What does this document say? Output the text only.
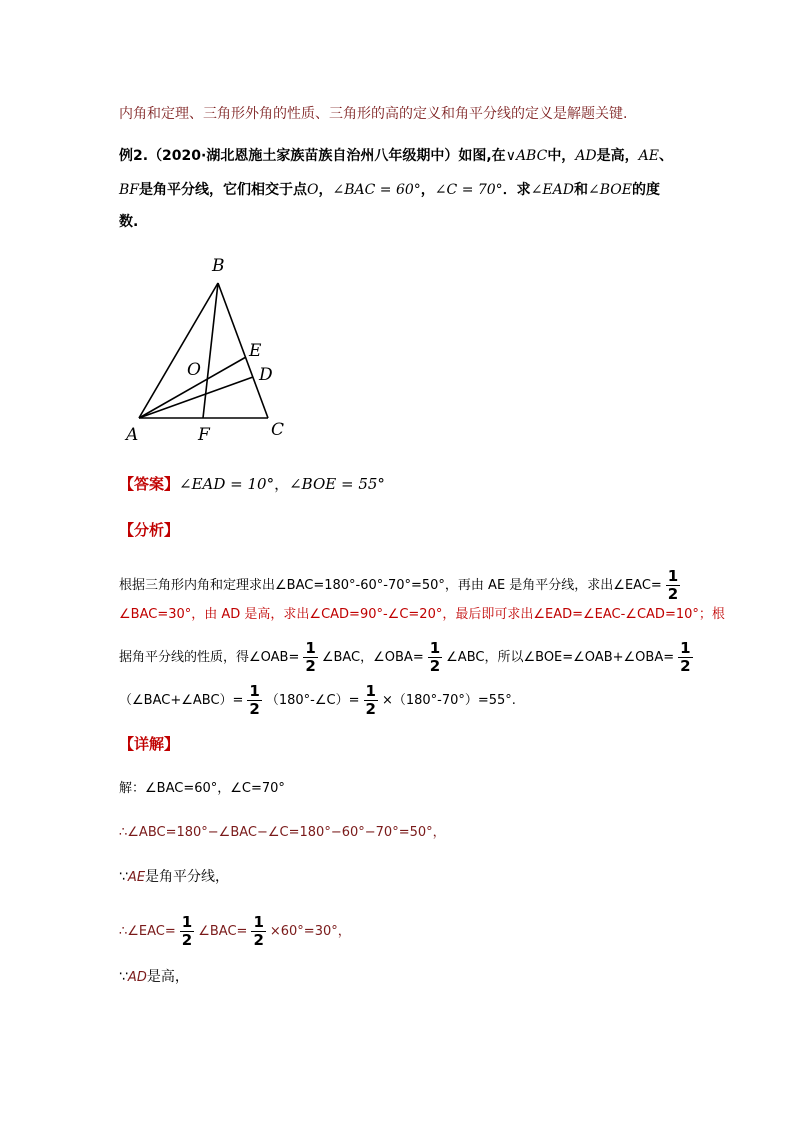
内角和定理、三角形外角的性质、三角形的高的定义和角平分线的定义是解题关键.
例2.（2020·湖北恩施土家族苗族自治州八年级期中）如图,在∨ABC中，AD是高，AE、
BF是角平分线，它们相交于点O，∠BAC = 60°，∠C = 70°．求∠EAD和∠BOE的度
数.
B
E
O	D
A	F	C
【答案】∠EAD = 10°，∠BOE = 55°
【分析】
根据三角形内角和定理求出∠BAC=180°-60°-70°=50°，再由 AE 是角平分线，求出∠EAC= $\frac{1}{2}$
∠BAC=30°，由 AD 是高，求出∠CAD=90°-∠C=20°，最后即可求出∠EAD=∠EAC-∠CAD=10°；根
据角平分线的性质，得∠OAB= $\frac{1}{2}$ ∠BAC，∠OBA= $\frac{1}{2}$ ∠ABC，所以∠BOE=∠OAB+∠OBA= $\frac{1}{2}$
（∠BAC+∠ABC）= $\frac{1}{2}$ （180°-∠C）= $\frac{1}{2} \times(180^\circ-70^\circ)=55^\circ$.
【详解】
解：∠BAC=60°，∠C=70°
∴∠ABC=180°−∠BAC−∠C=180°−60°−70°=50°，
∵AE是角平分线，
∴∠EAC= $\frac{1}{2}$ ∠BAC= $\frac{1}{2} \times 60^\circ=30^\circ$，
∵AD是高，
